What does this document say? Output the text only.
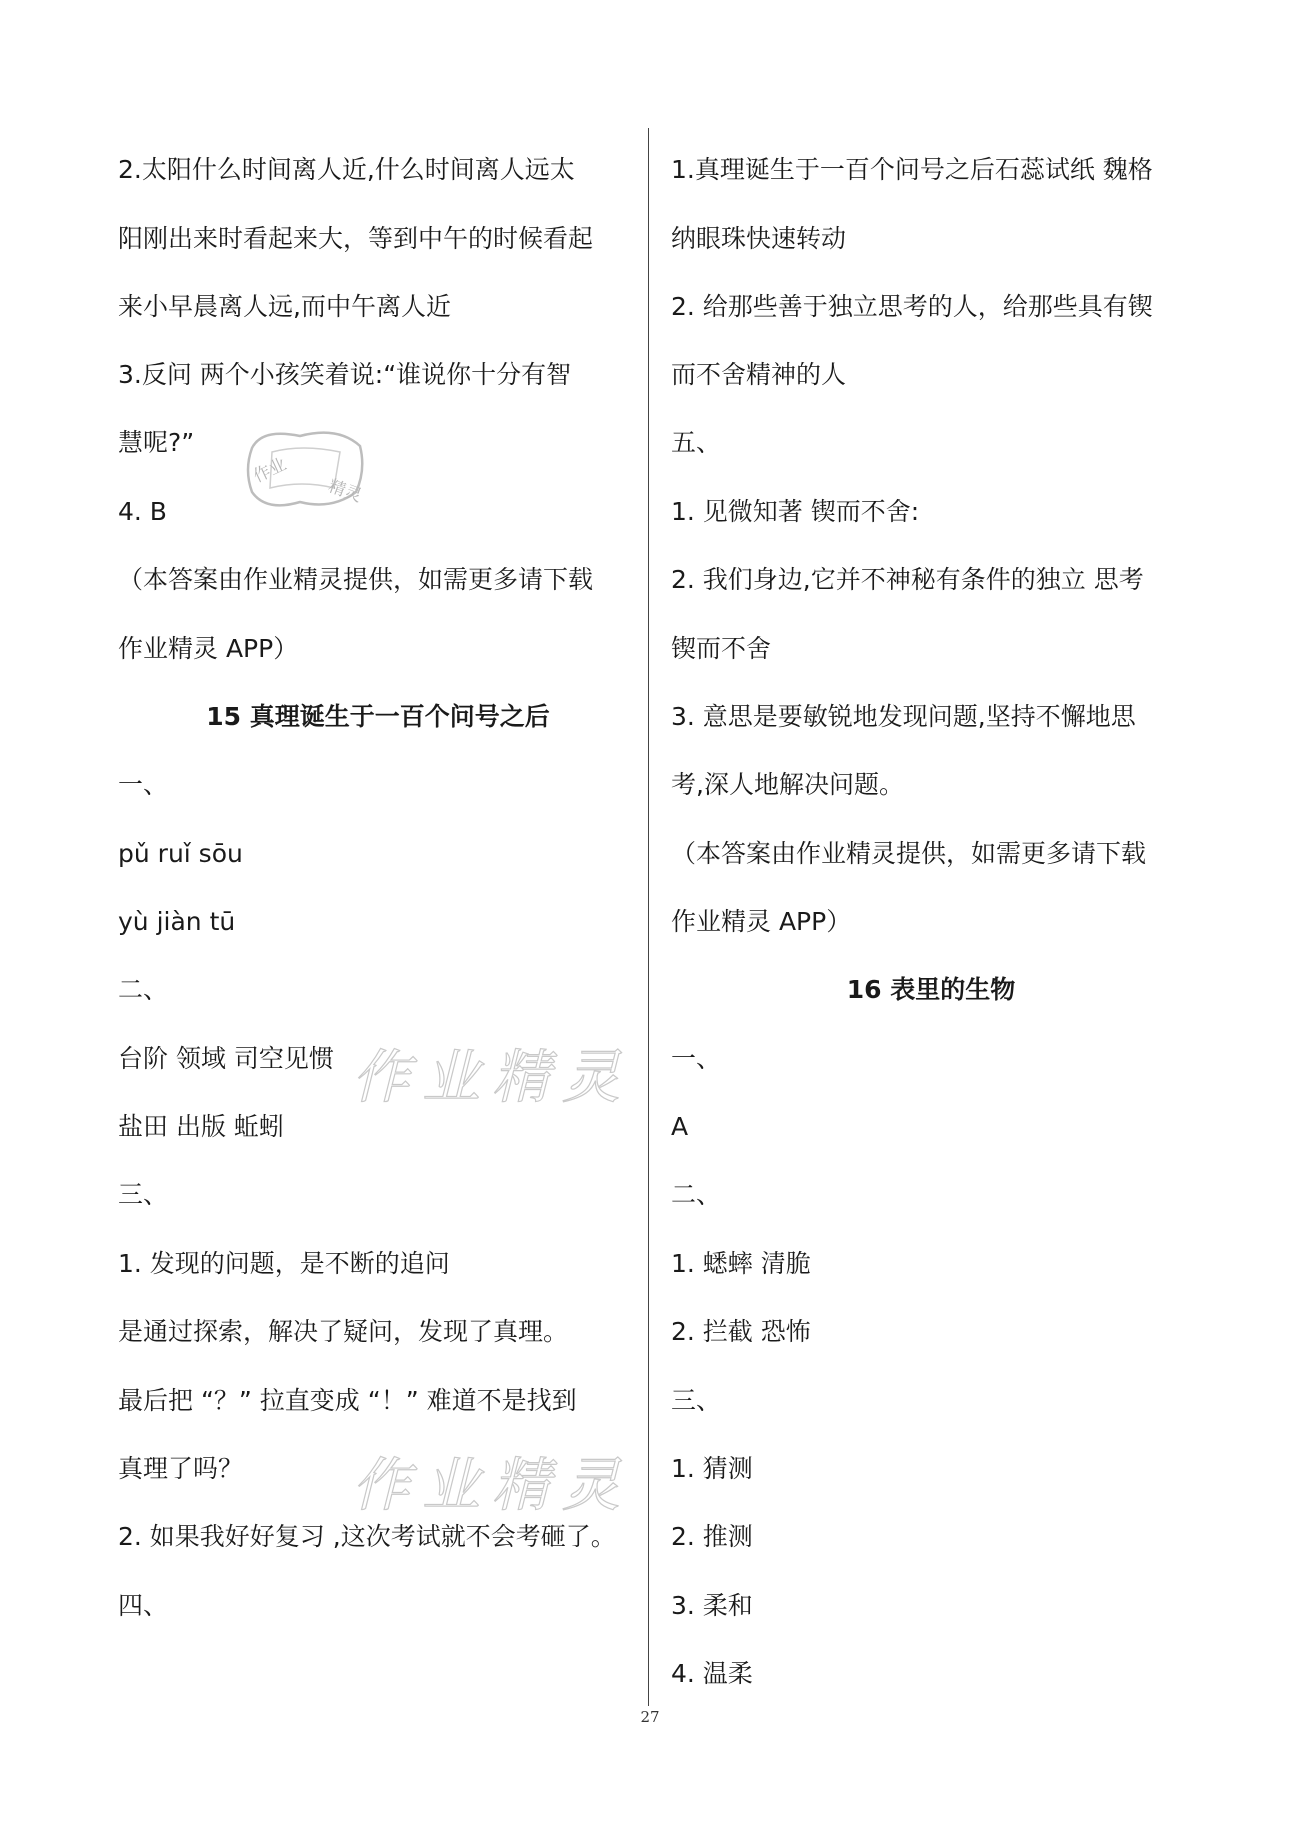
2.太阳什么时间离人近,什么时间离人远太
阳刚出来时看起来大，等到中午的时候看起
来小早晨离人远,而中午离人近
3.反问 两个小孩笑着说:“谁说你十分有智
慧呢?”
4. B
（本答案由作业精灵提供，如需更多请下载
作业精灵 APP）
15 真理诞生于一百个问号之后
一、
pǔ ruǐ sōu
yù jiàn tū
二、
台阶 领域 司空见惯
盐田 出版 蚯蚓
三、
1. 发现的问题，是不断的追问
是通过探索，解决了疑问，发现了真理。
最后把 “？” 拉直变成 “！” 难道不是找到
真理了吗？
2. 如果我好好复习 ,这次考试就不会考砸了。
四、
1.真理诞生于一百个问号之后石蕊试纸 魏格
纳眼珠快速转动
2. 给那些善于独立思考的人，给那些具有锲
而不舍精神的人
五、
1. 见微知著 锲而不舍:
2. 我们身边,它并不神秘有条件的独立 思考
锲而不舍
3. 意思是要敏锐地发现问题,坚持不懈地思
考,深人地解决问题。
（本答案由作业精灵提供，如需更多请下载
作业精灵 APP）
16 表里的生物
一、
A
二、
1. 蟋蟀 清脆
2. 拦截 恐怖
三、
1. 猜测
2. 推测
3. 柔和
4. 温柔
作业
精灵
作业精灵
作业精灵
27
